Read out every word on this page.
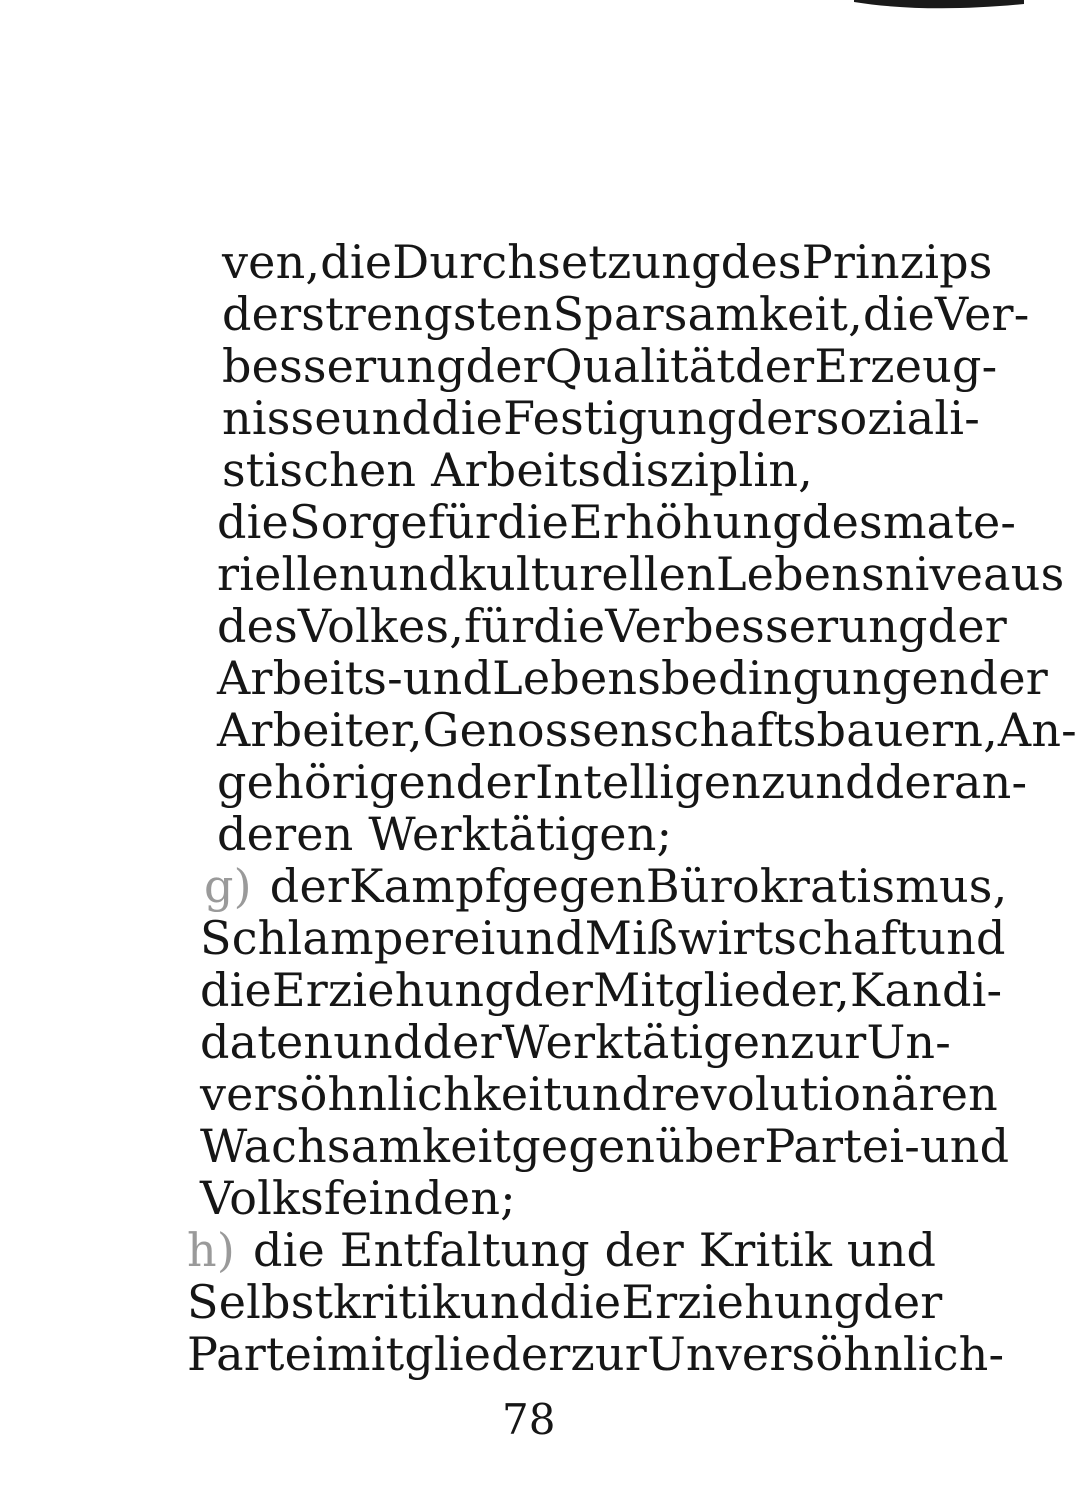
ven, die Durchsetzung des Prinzips
der strengsten Sparsamkeit, die Ver-
besserung der Qualität der Erzeug-
nisse und die Festigung der soziali-
stischen Arbeitsdisziplin,
die Sorge für die Erhöhung des mate-
riellen und kulturellen Lebensniveaus
des Volkes, für die Verbesserung der
Arbeits- und Lebensbedingungen der
Arbeiter, Genossenschaftsbauern, An-
gehörigen der Intelligenz und der an-
deren Werktätigen;
g) der Kampf gegen Bürokratismus,
Schlamperei und Mißwirtschaft und
die Erziehung der Mitglieder, Kandi-
daten und der Werktätigen zur Un-
versöhnlichkeit und revolutionären
Wachsamkeit gegenüber Partei- und
Volksfeinden;
h) die Entfaltung der Kritik und
Selbstkritik und die Erziehung der
Parteimitglieder zur Unversöhnlich-
78
